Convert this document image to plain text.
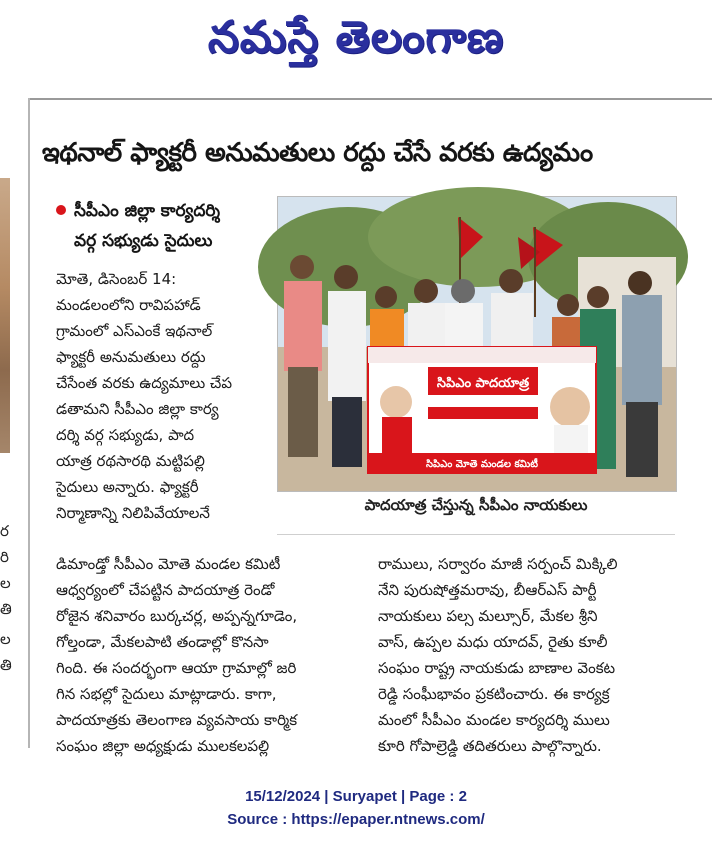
నమస్తే తెలంగాణ
ర
రి
ల
తి
ల
తి
ఇథనాల్ ఫ్యాక్టరీ అనుమతులు రద్దు చేసే వరకు ఉద్యమం
సీపీఎం జిల్లా కార్యదర్శి
వర్గ సభ్యుడు సైదులు
సిపిఎం పాదయాత్ర
సిపిఎం మోతె మండల కమిటీ
పాదయాత్ర చేస్తున్న సీపీఎం నాయకులు
మోతె, డిసెంబర్ 14:
మండలంలోని రావిపహాడ్
గ్రామంలో ఎస్ఎంకే ఇథనాల్
ఫ్యాక్టరీ అనుమతులు రద్దు
చేసేంత వరకు ఉద్యమాలు చేప
డతామని సీపీఎం జిల్లా కార్య
దర్శి వర్గ సభ్యుడు, పాద
యాత్ర రథసారథి మట్టిపల్లి
సైదులు అన్నారు. ఫ్యాక్టరీ
నిర్మాణాన్ని నిలిపివేయాలనే
డిమాండ్తో సీపీఎం మోతె మండల కమిటీ
ఆధ్వర్యంలో చేపట్టిన పాదయాత్ర రెండో
రోజైన శనివారం బుర్కచర్ల, అప్పన్నగూడెం,
గోల్తండా, మేకలపాటి తండాల్లో కొనసా
గింది. ఈ సందర్భంగా ఆయా గ్రామాల్లో జరి
గిన సభల్లో సైదులు మాట్లాడారు. కాగా,
పాదయాత్రకు తెలంగాణ వ్యవసాయ కార్మిక
సంఘం జిల్లా అధ్యక్షుడు ములకలపల్లి
రాములు, సర్వారం మాజీ సర్పంచ్ మిక్కిలి
నేని పురుషోత్తమరావు, బీఆర్ఎస్ పార్టీ
నాయకులు పల్స మల్సూర్, మేకల శ్రీని
వాస్, ఉప్పల మధు యాదవ్, రైతు కూలీ
సంఘం రాష్ట్ర నాయకుడు బాణాల వెంకట
రెడ్డి సంఘీభావం ప్రకటించారు. ఈ కార్యక్ర
మంలో సీపీఎం మండల కార్యదర్శి ములు
కూరి గోపాల్రెడ్డి తదితరులు పాల్గొన్నారు.
15/12/2024 | Suryapet | Page : 2
Source : https://epaper.ntnews.com/
